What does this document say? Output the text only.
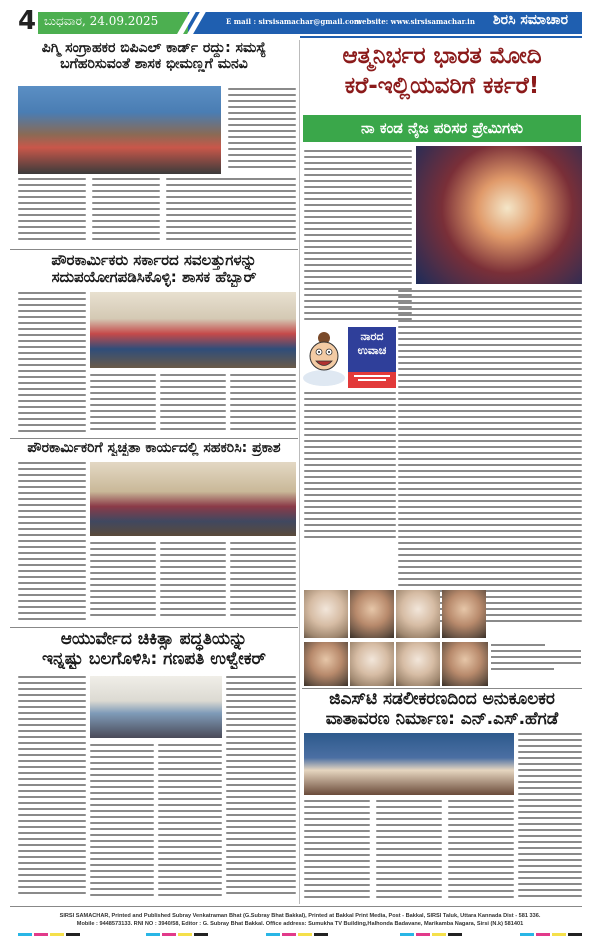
4 ಬುಧವಾರ, 24.09.2025	E mail : sirsisamachar@gmail.com
website: www.sirsisamachar.in ಶಿರಸಿ ಸಮಾಚಾರ
ಪಿಗ್ಮಿ ಸಂಗ್ರಾಹಕರ ಬಿಪಿಎಲ್ ಕಾರ್ಡ್ ರದ್ದು: ಸಮಸ್ಯೆ
ಬಗೆಹರಿಸುವಂತೆ ಶಾಸಕ ಭೀಮಣ್ಣಗೆ ಮನವಿ	ಆತ್ಮನಿರ್ಭರ ಭಾರತ ಮೋದಿ
ಕರೆ-ಇಲ್ಲಿಯವರಿಗೆ ಕರ್ಕರೆ!
ನಾ ಕಂಡ ನೈಜ ಪರಿಸರ ಪ್ರೇಮಿಗಳು
ನಾರದ
ಉವಾಚ
ಪೌರಕಾರ್ಮಿಕರು ಸರ್ಕಾರದ ಸವಲತ್ತುಗಳನ್ನು
ಸದುಪಯೋಗಪಡಿಸಿಕೊಳ್ಳಿ: ಶಾಸಕ ಹೆಬ್ಬಾರ್
ಪೌರಕಾರ್ಮಿಕರಿಗೆ ಸ್ವಚ್ಛತಾ ಕಾರ್ಯದಲ್ಲಿ ಸಹಕರಿಸಿ: ಪ್ರಕಾಶ
ಆಯುರ್ವೇದ ಚಿಕಿತ್ಸಾ ಪದ್ಧತಿಯನ್ನು
ಇನ್ನಷ್ಟು ಬಲಗೊಳಿಸಿ: ಗಣಪತಿ ಉಳ್ವೇಕರ್
ಜಿಎಸ್‌ಟಿ ಸಡಲೀಕರಣದಿಂದ ಅನುಕೂಲಕರ
ವಾತಾವರಣ ನಿರ್ಮಾಣ: ಎನ್.ಎಸ್.ಹೆಗಡೆ
SIRSI SAMACHAR, Printed and Published Subray Venkatraman Bhat (G.Subray Bhat Bakkal), Printed at Bakkal Print Media, Post - Bakkal, SIRSI Taluk, Uttara Kannada Dist - 581 336.
Mobile : 9448573133. RNI NO : 3940/58, Editor : G. Subray Bhat Bakkal. Office address: Sumukha TV Building,Halhonda Badavane, Marikamba Nagara, Sirsi (N.k) 581401
